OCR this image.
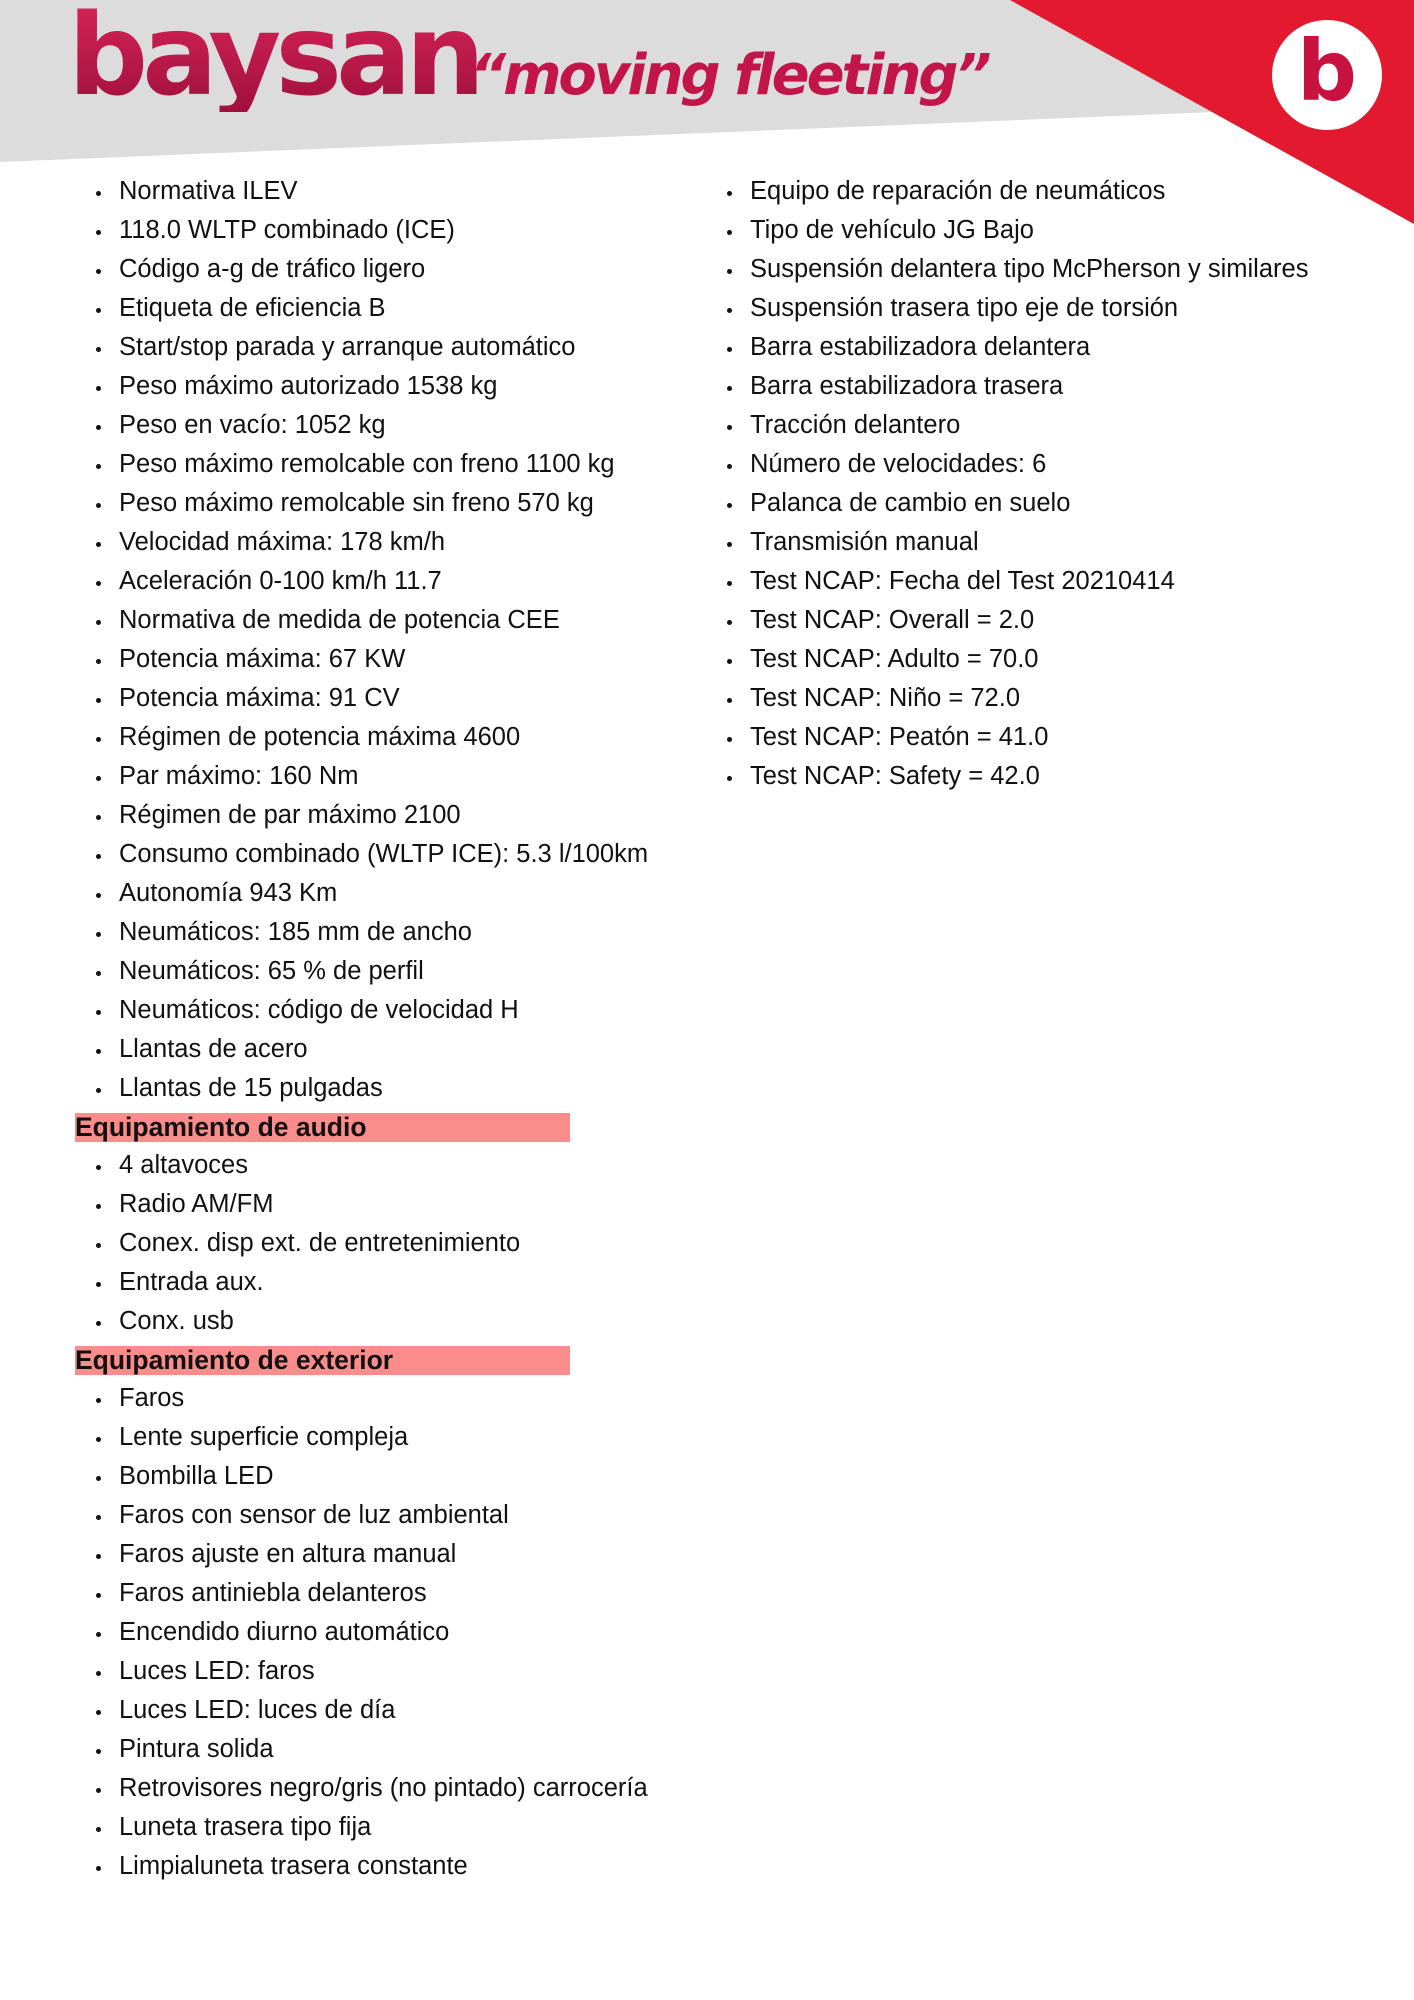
baysan
“moving fleeting”	b
Normativa ILEV
118.0 WLTP combinado (ICE)
Código a-g de tráfico ligero
Etiqueta de eficiencia B
Start/stop parada y arranque automático
Peso máximo autorizado 1538 kg
Peso en vacío: 1052 kg
Peso máximo remolcable con freno 1100 kg
Peso máximo remolcable sin freno 570 kg
Velocidad máxima: 178 km/h
Aceleración 0-100 km/h 11.7
Normativa de medida de potencia CEE
Potencia máxima: 67 KW
Potencia máxima: 91 CV
Régimen de potencia máxima 4600
Par máximo: 160 Nm
Régimen de par máximo 2100
Consumo combinado (WLTP ICE): 5.3 l/100km
Autonomía 943 Km
Neumáticos: 185 mm de ancho
Neumáticos: 65 % de perfil
Neumáticos: código de velocidad H
Llantas de acero
Llantas de 15 pulgadas
Equipamiento de audio
4 altavoces
Radio AM/FM
Conex. disp ext. de entretenimiento
Entrada aux.
Conx. usb
Equipamiento de exterior
Faros
Lente superficie compleja
Bombilla LED
Faros con sensor de luz ambiental
Faros ajuste en altura manual
Faros antiniebla delanteros
Encendido diurno automático
Luces LED: faros
Luces LED: luces de día
Pintura solida
Retrovisores negro/gris (no pintado) carrocería
Luneta trasera tipo fija
Limpialuneta trasera constante
Equipo de reparación de neumáticos
Tipo de vehículo JG Bajo
Suspensión delantera tipo McPherson y similares
Suspensión trasera tipo eje de torsión
Barra estabilizadora delantera
Barra estabilizadora trasera
Tracción delantero
Número de velocidades: 6
Palanca de cambio en suelo
Transmisión manual
Test NCAP: Fecha del Test 20210414
Test NCAP: Overall = 2.0
Test NCAP: Adulto = 70.0
Test NCAP: Niño = 72.0
Test NCAP: Peatón = 41.0
Test NCAP: Safety = 42.0
